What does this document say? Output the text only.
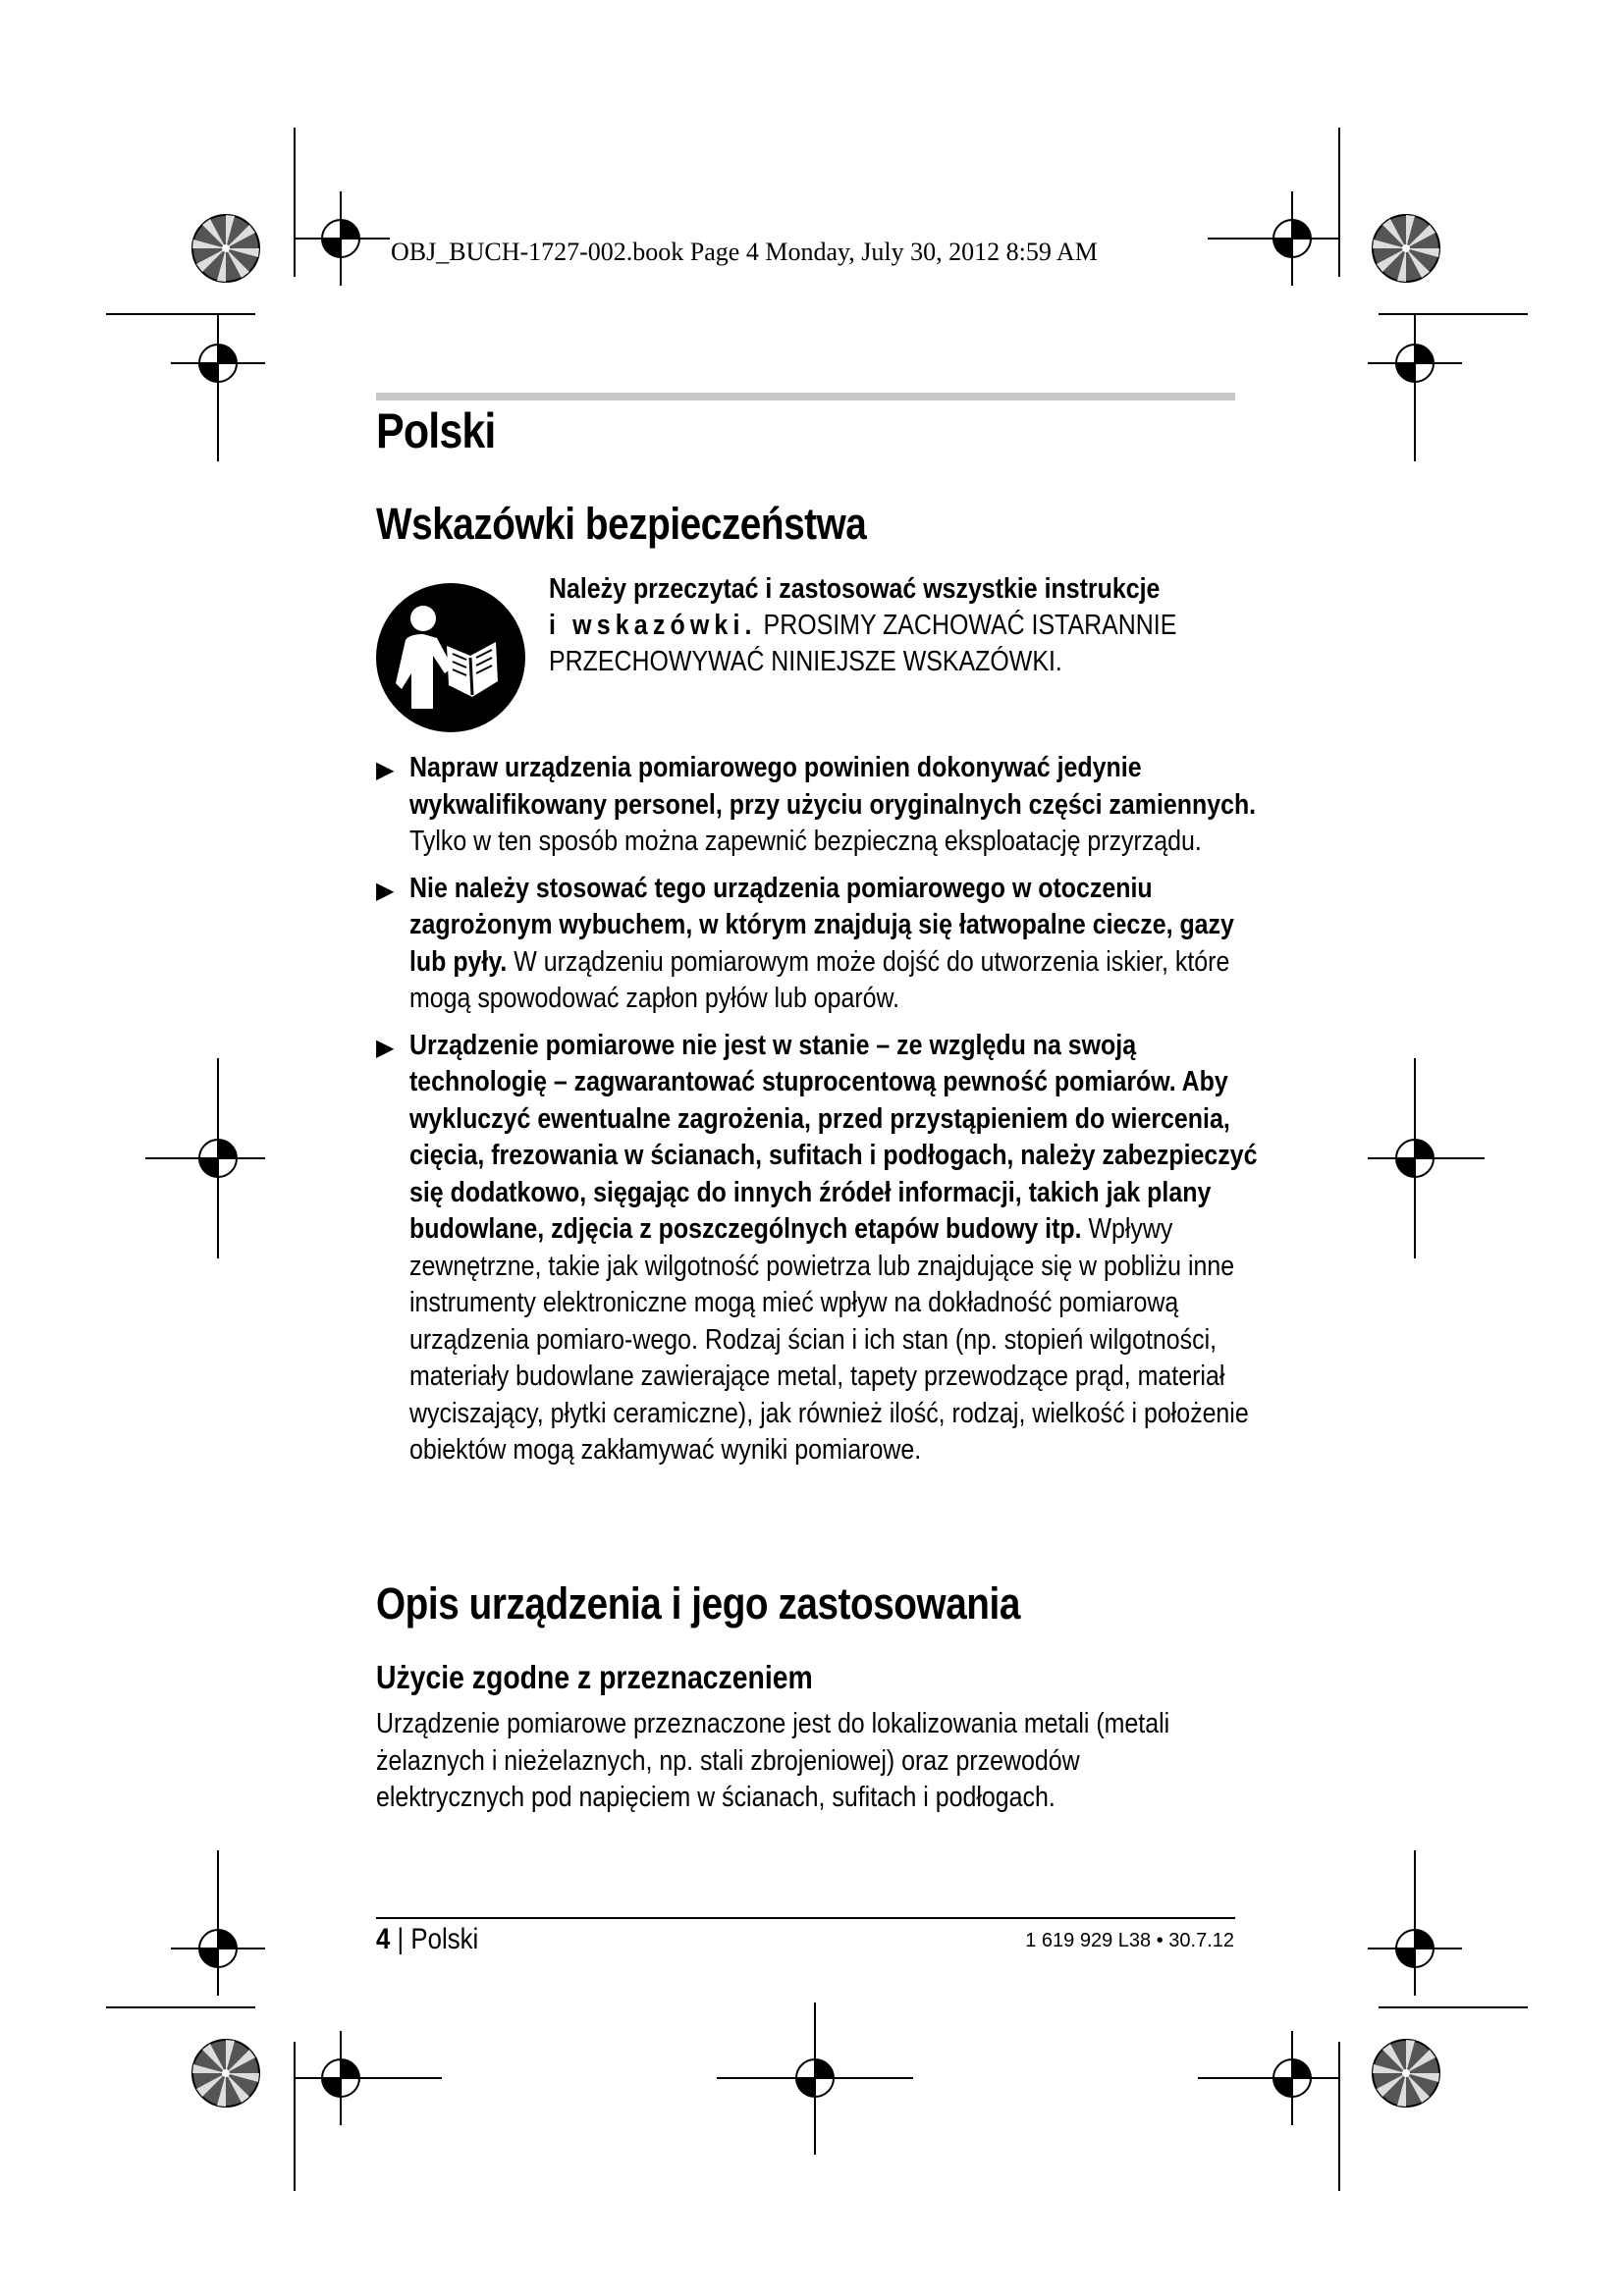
OBJ_BUCH-1727-002.book Page 4 Monday, July 30, 2012 8:59 AM
Polski
Wskazówki bezpieczeństwa
Należy przeczytać i zastosować wszystkie instrukcje
i wskazówki. PROSIMY ZACHOWAĆ ISTARANNIE PRZECHOWYWAĆ NINIEJSZE WSKAZÓWKI.
▶ Napraw urządzenia pomiarowego powinien dokonywać jedynie wykwalifikowany personel, przy użyciu oryginalnych części zamiennych. Tylko w ten sposób można zapewnić bezpieczną eksploatację przyrządu.
▶ Nie należy stosować tego urządzenia pomiarowego w otoczeniu zagrożonym wybuchem, w którym znajdują się łatwopalne ciecze, gazy lub pyły. W urządzeniu pomiarowym może dojść do utworzenia iskier, które mogą spowodować zapłon pyłów lub oparów.
▶ Urządzenie pomiarowe nie jest w stanie – ze względu na swoją technologię – zagwarantować stuprocentową pewność pomiarów. Aby wykluczyć ewentualne zagrożenia, przed przystąpieniem do wiercenia, cięcia, frezowania w ścianach, sufitach i podłogach, należy zabezpieczyć się dodatkowo, sięgając do innych źródeł informacji, takich jak plany budowlane, zdjęcia z poszczególnych etapów budowy itp. Wpływy zewnętrzne, takie jak wilgotność powietrza lub znajdujące się w pobliżu inne instrumenty elektroniczne mogą mieć wpływ na dokładność pomiarową urządzenia pomiaro-wego. Rodzaj ścian i ich stan (np. stopień wilgotności, materiały budowlane zawierające metal, tapety przewodzące prąd, materiał wyciszający, płytki ceramiczne), jak również ilość, rodzaj, wielkość i położenie obiektów mogą zakłamywać wyniki pomiarowe.
Opis urządzenia i jego zastosowania
Użycie zgodne z przeznaczeniem

Urządzenie pomiarowe przeznaczone jest do lokalizowania metali (metali żelaznych i nieżelaznych, np. stali zbrojeniowej) oraz przewodów elektrycznych pod napięciem w ścianach, sufitach i podłogach.

4 | Polski	1 619 929 L38 • 30.7.12
